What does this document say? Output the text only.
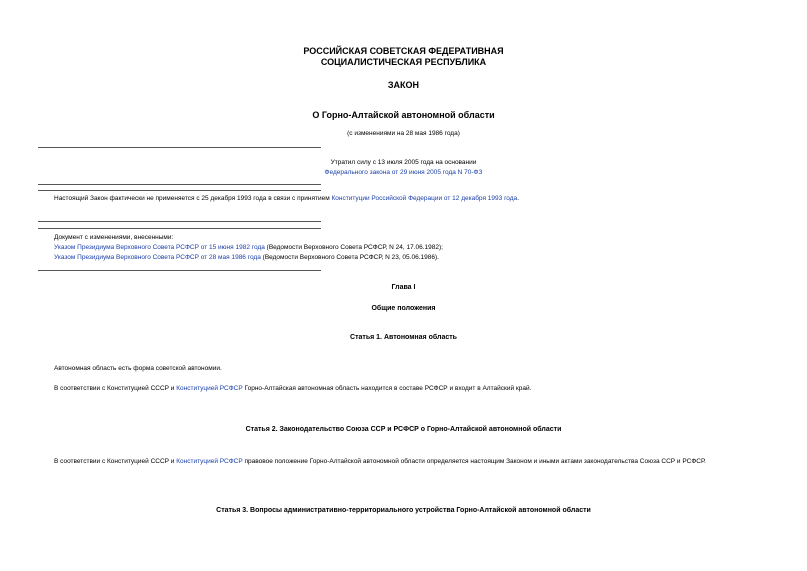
РОССИЙСКАЯ СОВЕТСКАЯ ФЕДЕРАТИВНАЯ
СОЦИАЛИСТИЧЕСКАЯ РЕСПУБЛИКА
ЗАКОН
О Горно-Алтайской автономной области
(с изменениями на 28 мая 1986 года)
Утратил силу с 13 июля 2005 года на основании
Федерального закона от 29 июня 2005 года N 70-ФЗ
Настоящий Закон фактически не применяется с 25 декабря 1993 года в связи с принятием Конституции Российской Федерации от 12 декабря 1993 года.
Документ с изменениями, внесенными:
Указом Президиума Верховного Совета РСФСР от 15 июня 1982 года (Ведомости Верховного Совета РСФСР, N 24, 17.06.1982);
Указом Президиума Верховного Совета РСФСР от 28 мая 1986 года (Ведомости Верховного Совета РСФСР, N 23, 05.06.1986).
Глава I
Общие положения
Статья 1. Автономная область
Автономная область есть форма советской автономии.
В соответствии с Конституцией СССР и Конституцией РСФСР Горно-Алтайская автономная область находится в составе РСФСР и входит в Алтайский край.
Статья 2. Законодательство Союза ССР и РСФСР о Горно-Алтайской автономной области
В соответствии с Конституцией СССР и Конституцией РСФСР правовое положение Горно-Алтайской автономной области определяется настоящим Законом и иными актами законодательства Союза ССР и РСФСР.
Статья 3. Вопросы административно-территориального устройства Горно-Алтайской автономной области
